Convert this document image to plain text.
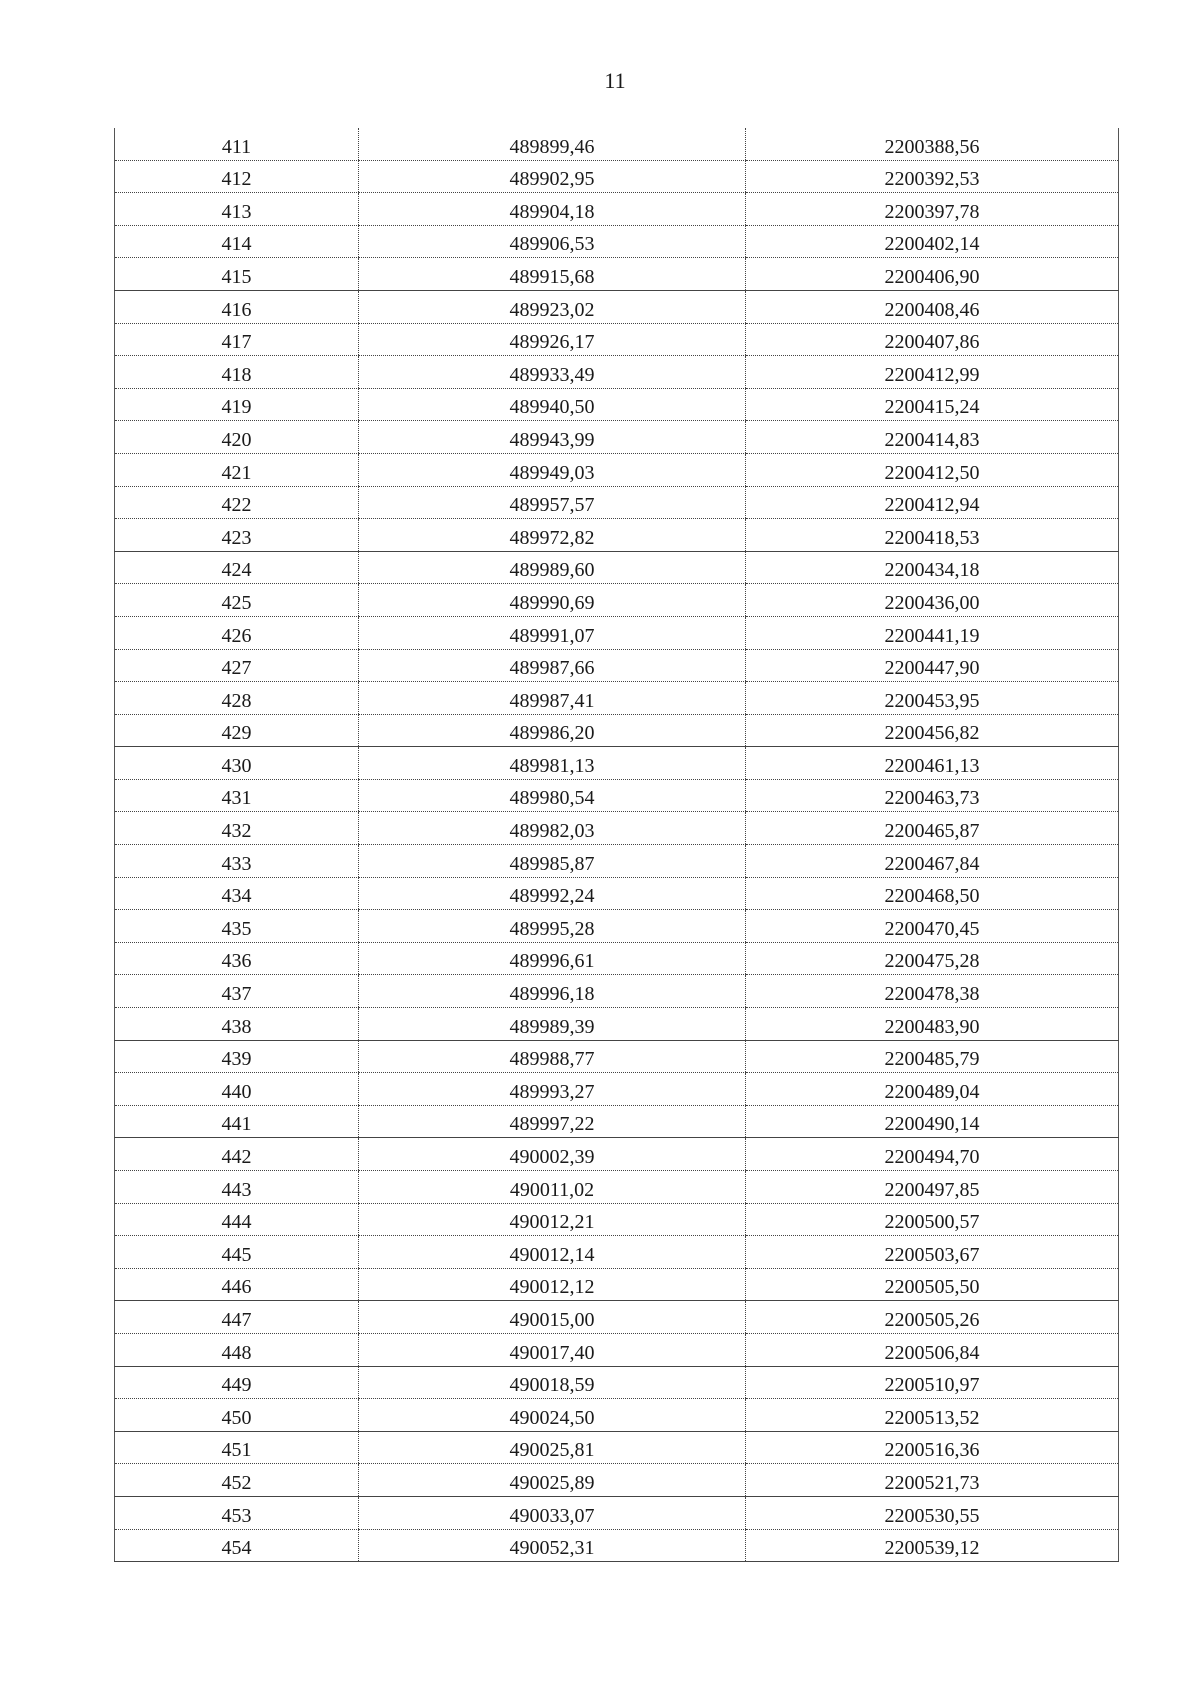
11
411	489899,46	2200388,56
412	489902,95	2200392,53
413	489904,18	2200397,78
414	489906,53	2200402,14
415	489915,68	2200406,90
416	489923,02	2200408,46
417	489926,17	2200407,86
418	489933,49	2200412,99
419	489940,50	2200415,24
420	489943,99	2200414,83
421	489949,03	2200412,50
422	489957,57	2200412,94
423	489972,82	2200418,53
424	489989,60	2200434,18
425	489990,69	2200436,00
426	489991,07	2200441,19
427	489987,66	2200447,90
428	489987,41	2200453,95
429	489986,20	2200456,82
430	489981,13	2200461,13
431	489980,54	2200463,73
432	489982,03	2200465,87
433	489985,87	2200467,84
434	489992,24	2200468,50
435	489995,28	2200470,45
436	489996,61	2200475,28
437	489996,18	2200478,38
438	489989,39	2200483,90
439	489988,77	2200485,79
440	489993,27	2200489,04
441	489997,22	2200490,14
442	490002,39	2200494,70
443	490011,02	2200497,85
444	490012,21	2200500,57
445	490012,14	2200503,67
446	490012,12	2200505,50
447	490015,00	2200505,26
448	490017,40	2200506,84
449	490018,59	2200510,97
450	490024,50	2200513,52
451	490025,81	2200516,36
452	490025,89	2200521,73
453	490033,07	2200530,55
454	490052,31	2200539,12
